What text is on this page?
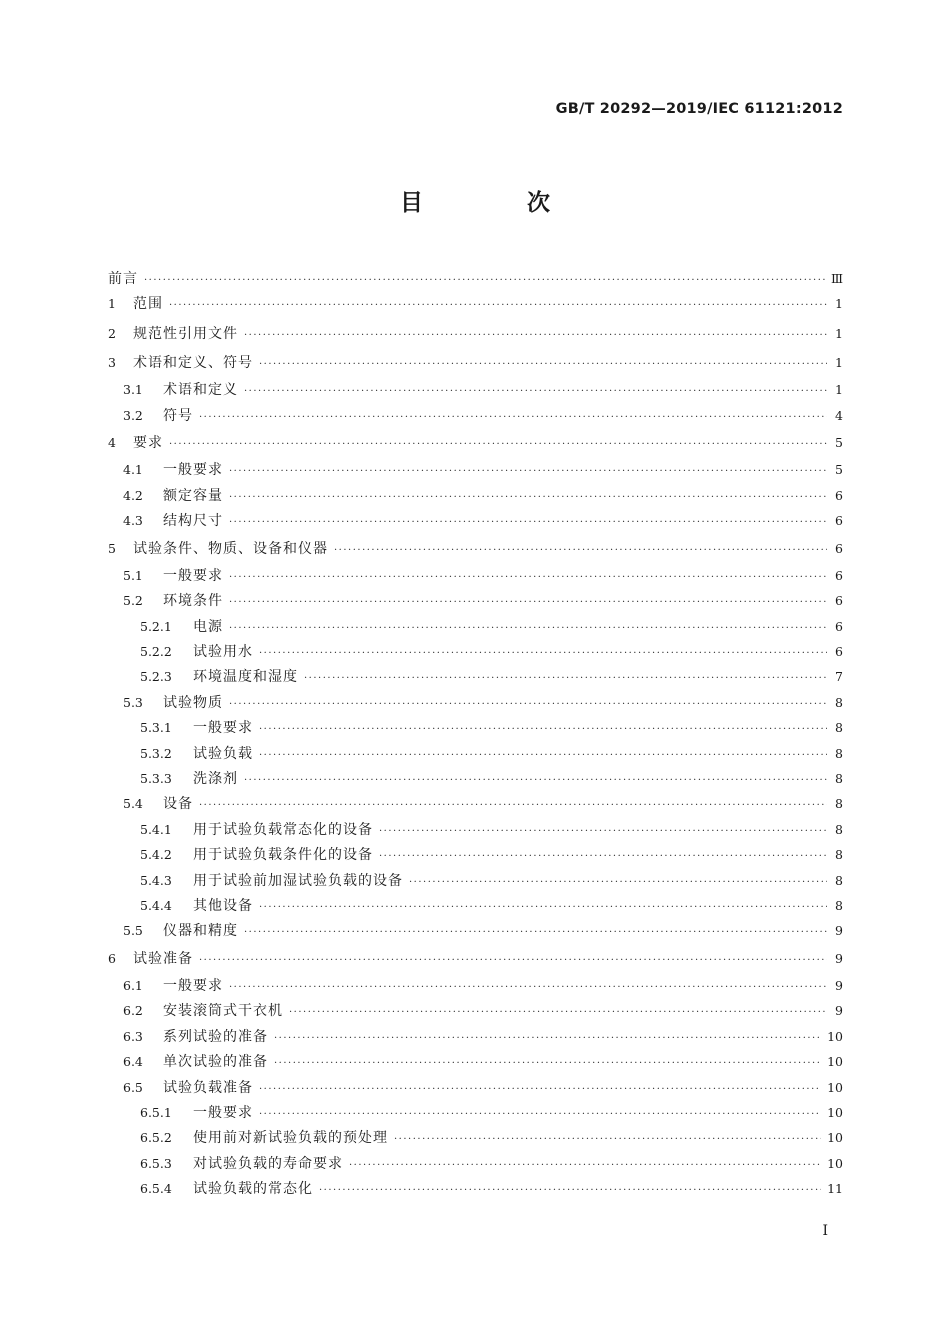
GB/T 20292—2019/IEC 61121:2012
目 次
前言 ·····	Ⅲ
1	范围 ·····	1
2	规范性引用文件 ·····	1
3	术语和定义、符号 ·····	1
3.1	术语和定义 ·····	1
3.2	符号 ·····	4
4	要求 ·····	5
4.1	一般要求 ·····	5
4.2	额定容量 ·····	6
4.3	结构尺寸 ·····	6
5	试验条件、物质、设备和仪器 ·····	6
5.1	一般要求 ·····	6
5.2	环境条件 ·····	6
5.2.1	电源 ·····	6
5.2.2	试验用水 ·····	6
5.2.3	环境温度和湿度 ·····	7
5.3	试验物质 ·····	8
5.3.1	一般要求 ·····	8
5.3.2	试验负载 ·····	8
5.3.3	洗涤剂 ·····	8
5.4	设备 ·····	8
5.4.1	用于试验负载常态化的设备 ·····	8
5.4.2	用于试验负载条件化的设备 ·····	8
5.4.3	用于试验前加湿试验负载的设备 ·····	8
5.4.4	其他设备 ·····	8
5.5	仪器和精度 ·····	9
6	试验准备 ·····	9
6.1	一般要求 ·····	9
6.2	安装滚筒式干衣机 ·····	9
6.3	系列试验的准备 ·····	10
6.4	单次试验的准备 ·····	10
6.5	试验负载准备 ·····	10
6.5.1	一般要求 ·····	10
6.5.2	使用前对新试验负载的预处理 ·····	10
6.5.3	对试验负载的寿命要求 ·····	10
6.5.4	试验负载的常态化 ·····	11
I
